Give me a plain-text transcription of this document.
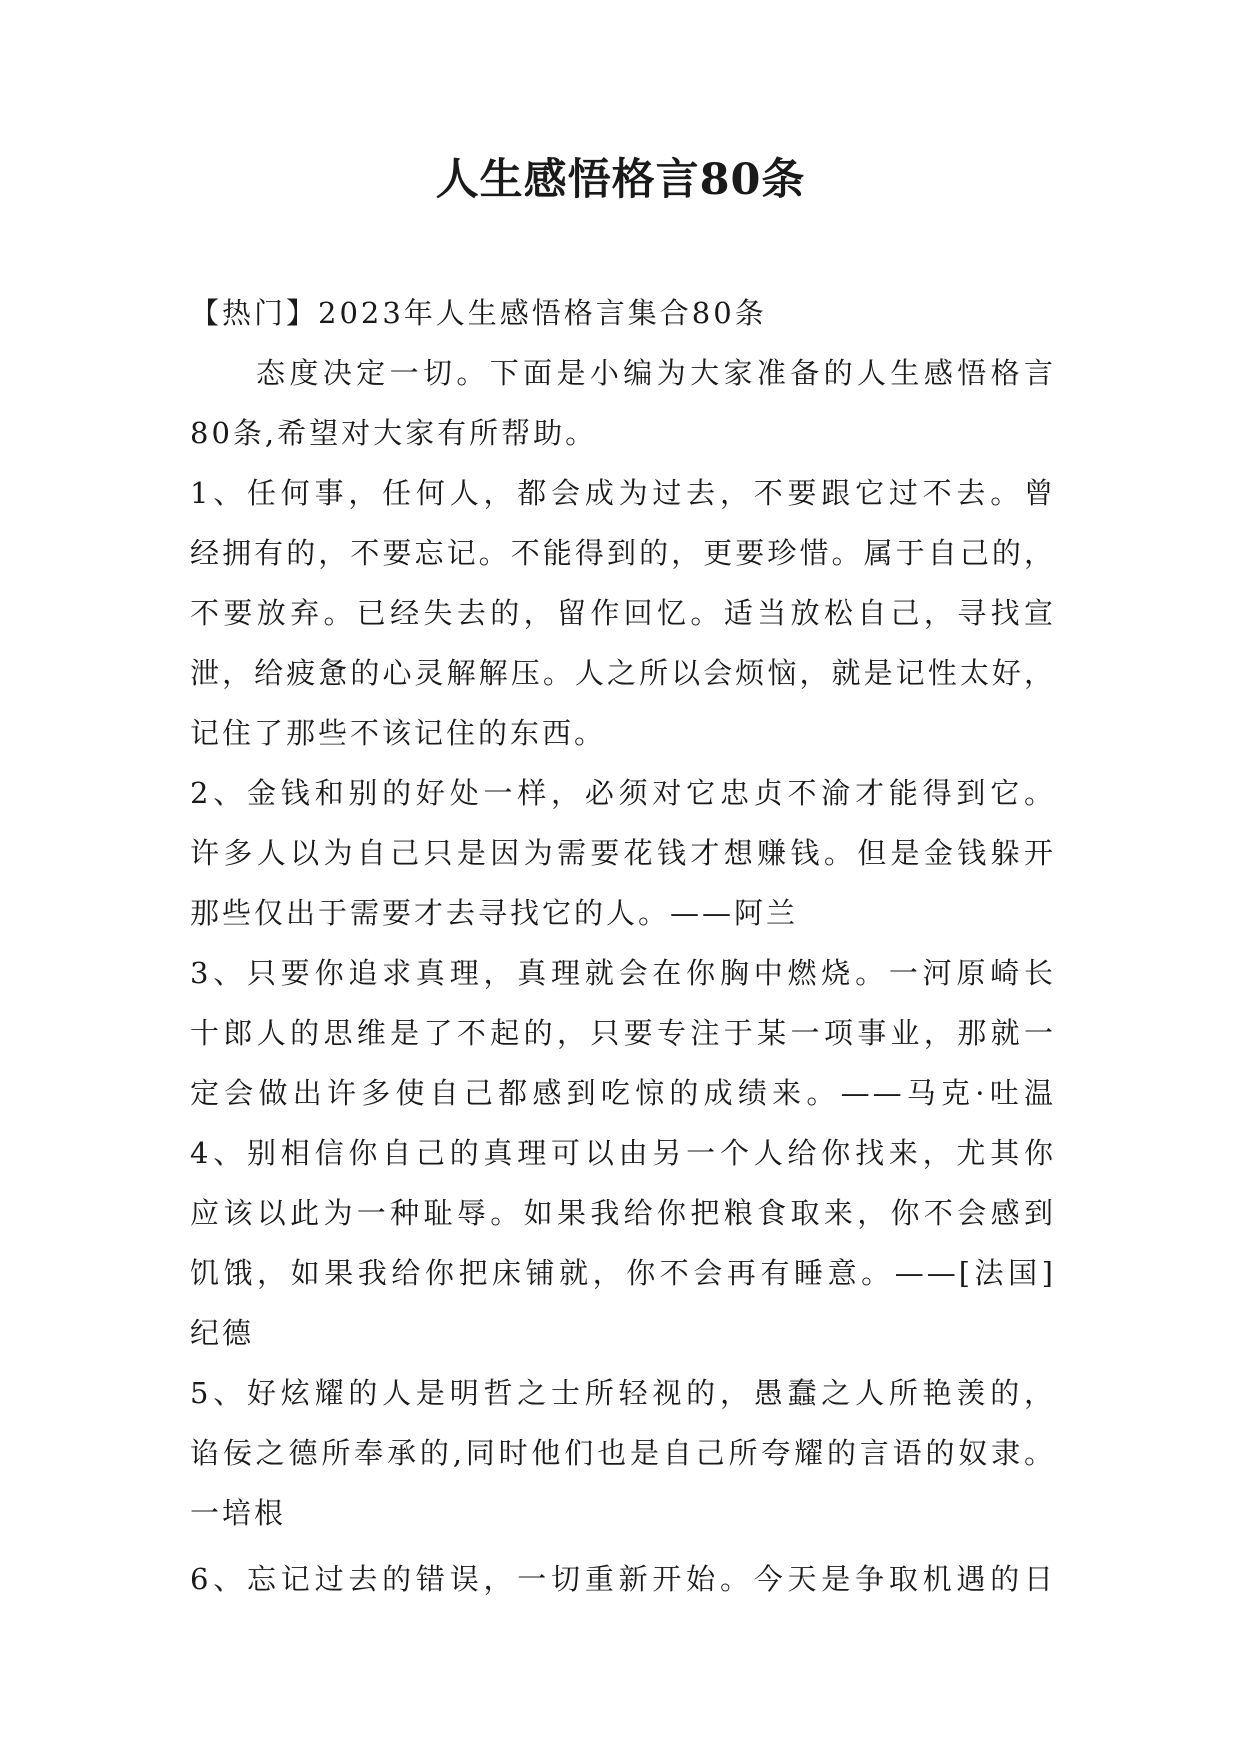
人生感悟格言80条
【热门】2023年人生感悟格言集合80条
态度决定一切。下面是小编为大家准备的人生感悟格言
80条,希望对大家有所帮助。
1、任何事，任何人，都会成为过去，不要跟它过不去。曾
经拥有的，不要忘记。不能得到的，更要珍惜。属于自己的，
不要放弃。已经失去的，留作回忆。适当放松自己，寻找宣
泄，给疲惫的心灵解解压。人之所以会烦恼，就是记性太好，
记住了那些不该记住的东西。
2、金钱和别的好处一样，必须对它忠贞不渝才能得到它。
许多人以为自己只是因为需要花钱才想赚钱。但是金钱躲开
那些仅出于需要才去寻找它的人。——阿兰
3、只要你追求真理，真理就会在你胸中燃烧。一河原崎长
十郎人的思维是了不起的，只要专注于某一项事业，那就一
定会做出许多使自己都感到吃惊的成绩来。——马克·吐温
4、别相信你自己的真理可以由另一个人给你找来，尤其你
应该以此为一种耻辱。如果我给你把粮食取来，你不会感到
饥饿，如果我给你把床铺就，你不会再有睡意。——[法国]
纪德
5、好炫耀的人是明哲之士所轻视的，愚蠢之人所艳羡的，
谄佞之德所奉承的,同时他们也是自己所夸耀的言语的奴隶。
一培根
6、忘记过去的错误，一切重新开始。今天是争取机遇的日
